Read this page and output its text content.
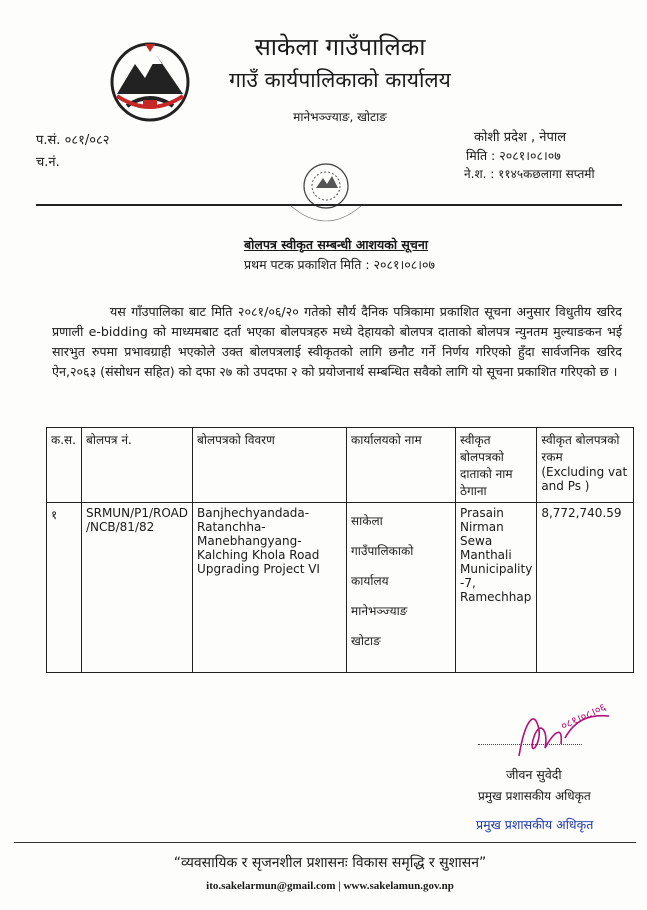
साकेला गाउँपालिका
गाउँ कार्यपालिकाको कार्यालय
मानेभञ्ज्याङ, खोटाङ
प.सं. ०८१/०८२
च.नं.
कोशी प्रदेश , नेपाल
मिति : २०८१।०८।०७
ने.श. : ११४५कछलागा सप्तमी
बोलपत्र स्वीकृत सम्बन्धी आशयको सूचना
प्रथम पटक प्रकाशित मिति : २०८१।०८।०७
यस गाँउपालिका बाट मिति २०८१/०६/२० गतेको सौर्य दैनिक पत्रिकामा प्रकाशित सूचना अनुसार विधुतीय खरिद प्रणाली e-bidding को माध्यमबाट दर्ता भएका बोलपत्रहरु मध्ये देहायको बोलपत्र दाताको बोलपत्र न्युनतम मुल्याङकन भई सारभुत रुपमा प्रभावग्राही भएकोले उक्त बोलपत्रलाई स्वीकृतको लागि छनौट गर्ने निर्णय गरिएको हुँदा सार्वजनिक खरिद ऐन,२०६३ (संसोधन सहित) को दफा २७ को उपदफा २ को प्रयोजनार्थ सम्बन्धित सवैको लागि यो सूचना प्रकाशित गरिएको छ ।
क.स.	बोलपत्र नं.	बोलपत्रको विवरण	कार्यालयको नाम	स्वीकृत बोलपत्रको दाताको नाम ठेगाना	स्वीकृत बोलपत्रको रकम (Excluding vat and Ps )
१	SRMUN/P1/ROAD /NCB/81/82	Banjhechyandada-Ratanchha-Manebhangyang-Kalching Khola Road Upgrading Project VI	साकेला
गाउँपालिकाको
कार्यालय
मानेभञ्ज्याङ
खोटाङ	Prasain Nirman Sewa Manthali Municipality -7, Ramechhap	8,772,740.59
०८१।०८।०६
जीवन सुवेदी
प्रमुख प्रशासकीय अधिकृत
प्रमुख प्रशासकीय अधिकृत
“व्यवसायिक र सृजनशील प्रशासनः विकास समृद्धि र सुशासन”
ito.sakelarmun@gmail.com | www.sakelamun.gov.np
